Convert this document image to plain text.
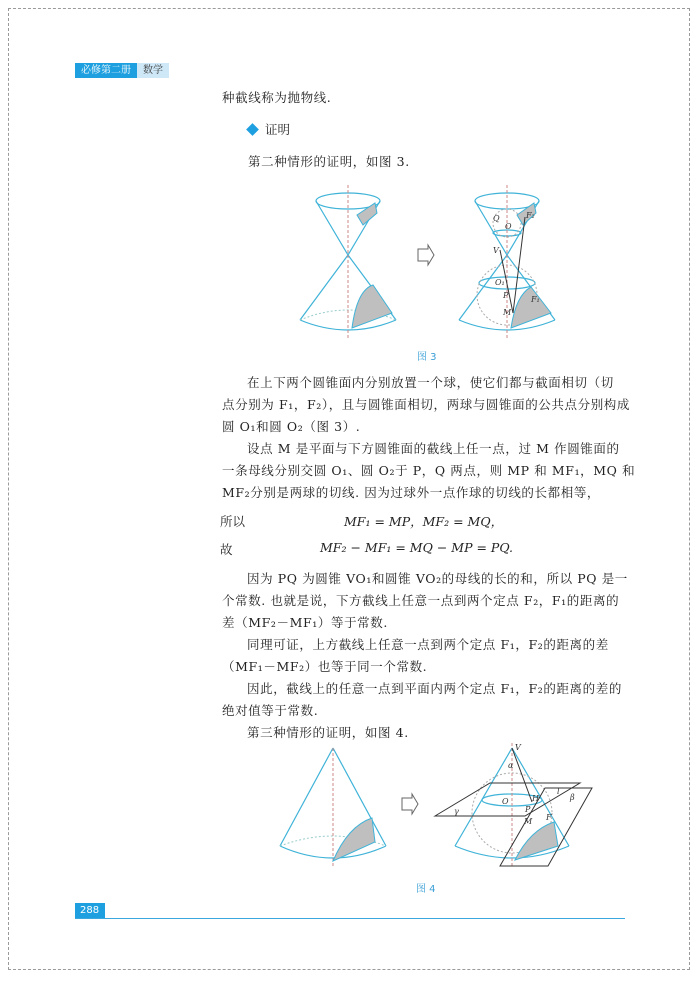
必修第二册	数学
种截线称为抛物线.
证明
第二种情形的证明，如图 3.
Q
O
F₂
V
O₁
P	F₁
M
图 3
在上下两个圆锥面内分别放置一个球，使它们都与截面相切（切
点分别为 F₁，F₂），且与圆锥面相切，两球与圆锥面的公共点分别构成
圆 O₁和圆 O₂（图 3）.
设点 M 是平面与下方圆锥面的截线上任一点，过 M 作圆锥面的
一条母线分别交圆 O₁、圆 O₂于 P，Q 两点，则 MP 和 MF₁，MQ 和
MF₂分别是两球的切线. 因为过球外一点作球的切线的长都相等，
所以	MF₁ = MP，MF₂ = MQ，
故	MF₂ − MF₁ = MQ − MP = PQ.
因为 PQ 为圆锥 VO₁和圆锥 VO₂的母线的长的和，所以 PQ 是一
个常数. 也就是说，下方截线上任意一点到两个定点 F₂，F₁的距离的
差（MF₂－MF₁）等于常数.
同理可证，上方截线上任意一点到两个定点 F₁，F₂的距离的差
（MF₁－MF₂）也等于同一个常数.
因此，截线上的任意一点到平面内两个定点 F₁，F₂的距离的差的
绝对值等于常数.
第三种情形的证明，如图 4.
V
α
O	H
l
β
γ	P
M F
图 4
288
